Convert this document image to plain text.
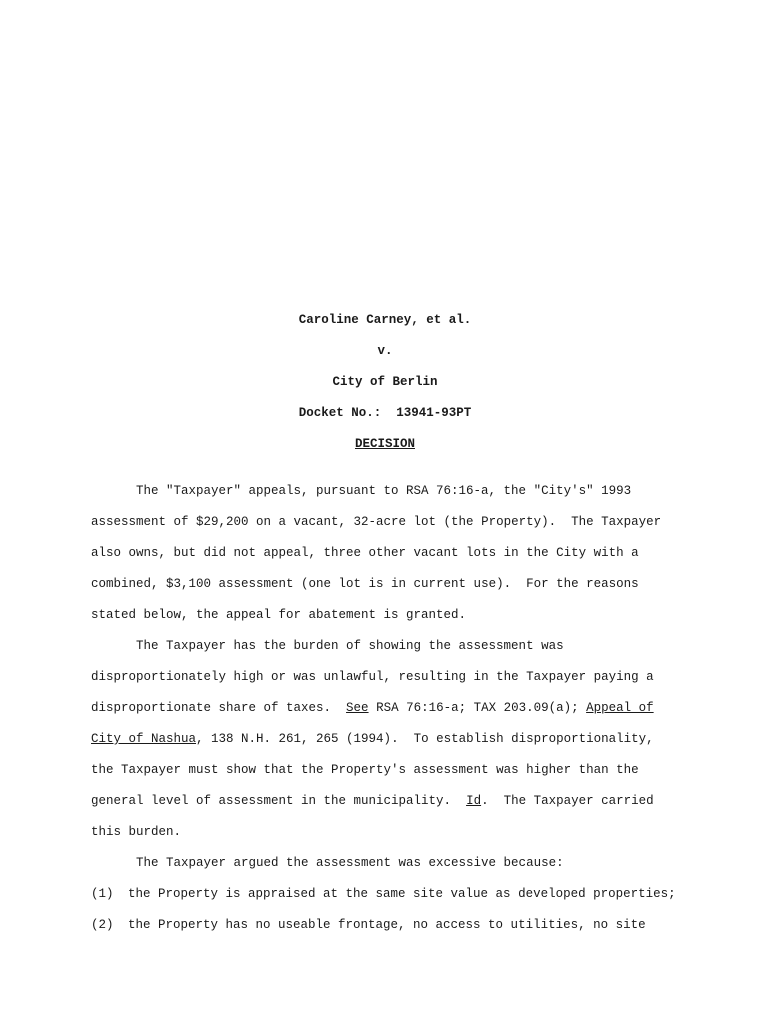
Caroline Carney, et al.
v.
City of Berlin
Docket No.: 13941-93PT
DECISION
The "Taxpayer" appeals, pursuant to RSA 76:16-a, the "City's" 1993
assessment of $29,200 on a vacant, 32-acre lot (the Property).  The Taxpayer
also owns, but did not appeal, three other vacant lots in the City with a
combined, $3,100 assessment (one lot is in current use).  For the reasons
stated below, the appeal for abatement is granted.
The Taxpayer has the burden of showing the assessment was
disproportionately high or was unlawful, resulting in the Taxpayer paying a
disproportionate share of taxes.  See RSA 76:16-a; TAX 203.09(a); Appeal of
City of Nashua, 138 N.H. 261, 265 (1994).  To establish disproportionality,
the Taxpayer must show that the Property's assessment was higher than the
general level of assessment in the municipality.  Id.  The Taxpayer carried
this burden.
The Taxpayer argued the assessment was excessive because:
(1) the Property is appraised at the same site value as developed properties;
(2) the Property has no useable frontage, no access to utilities, no site
